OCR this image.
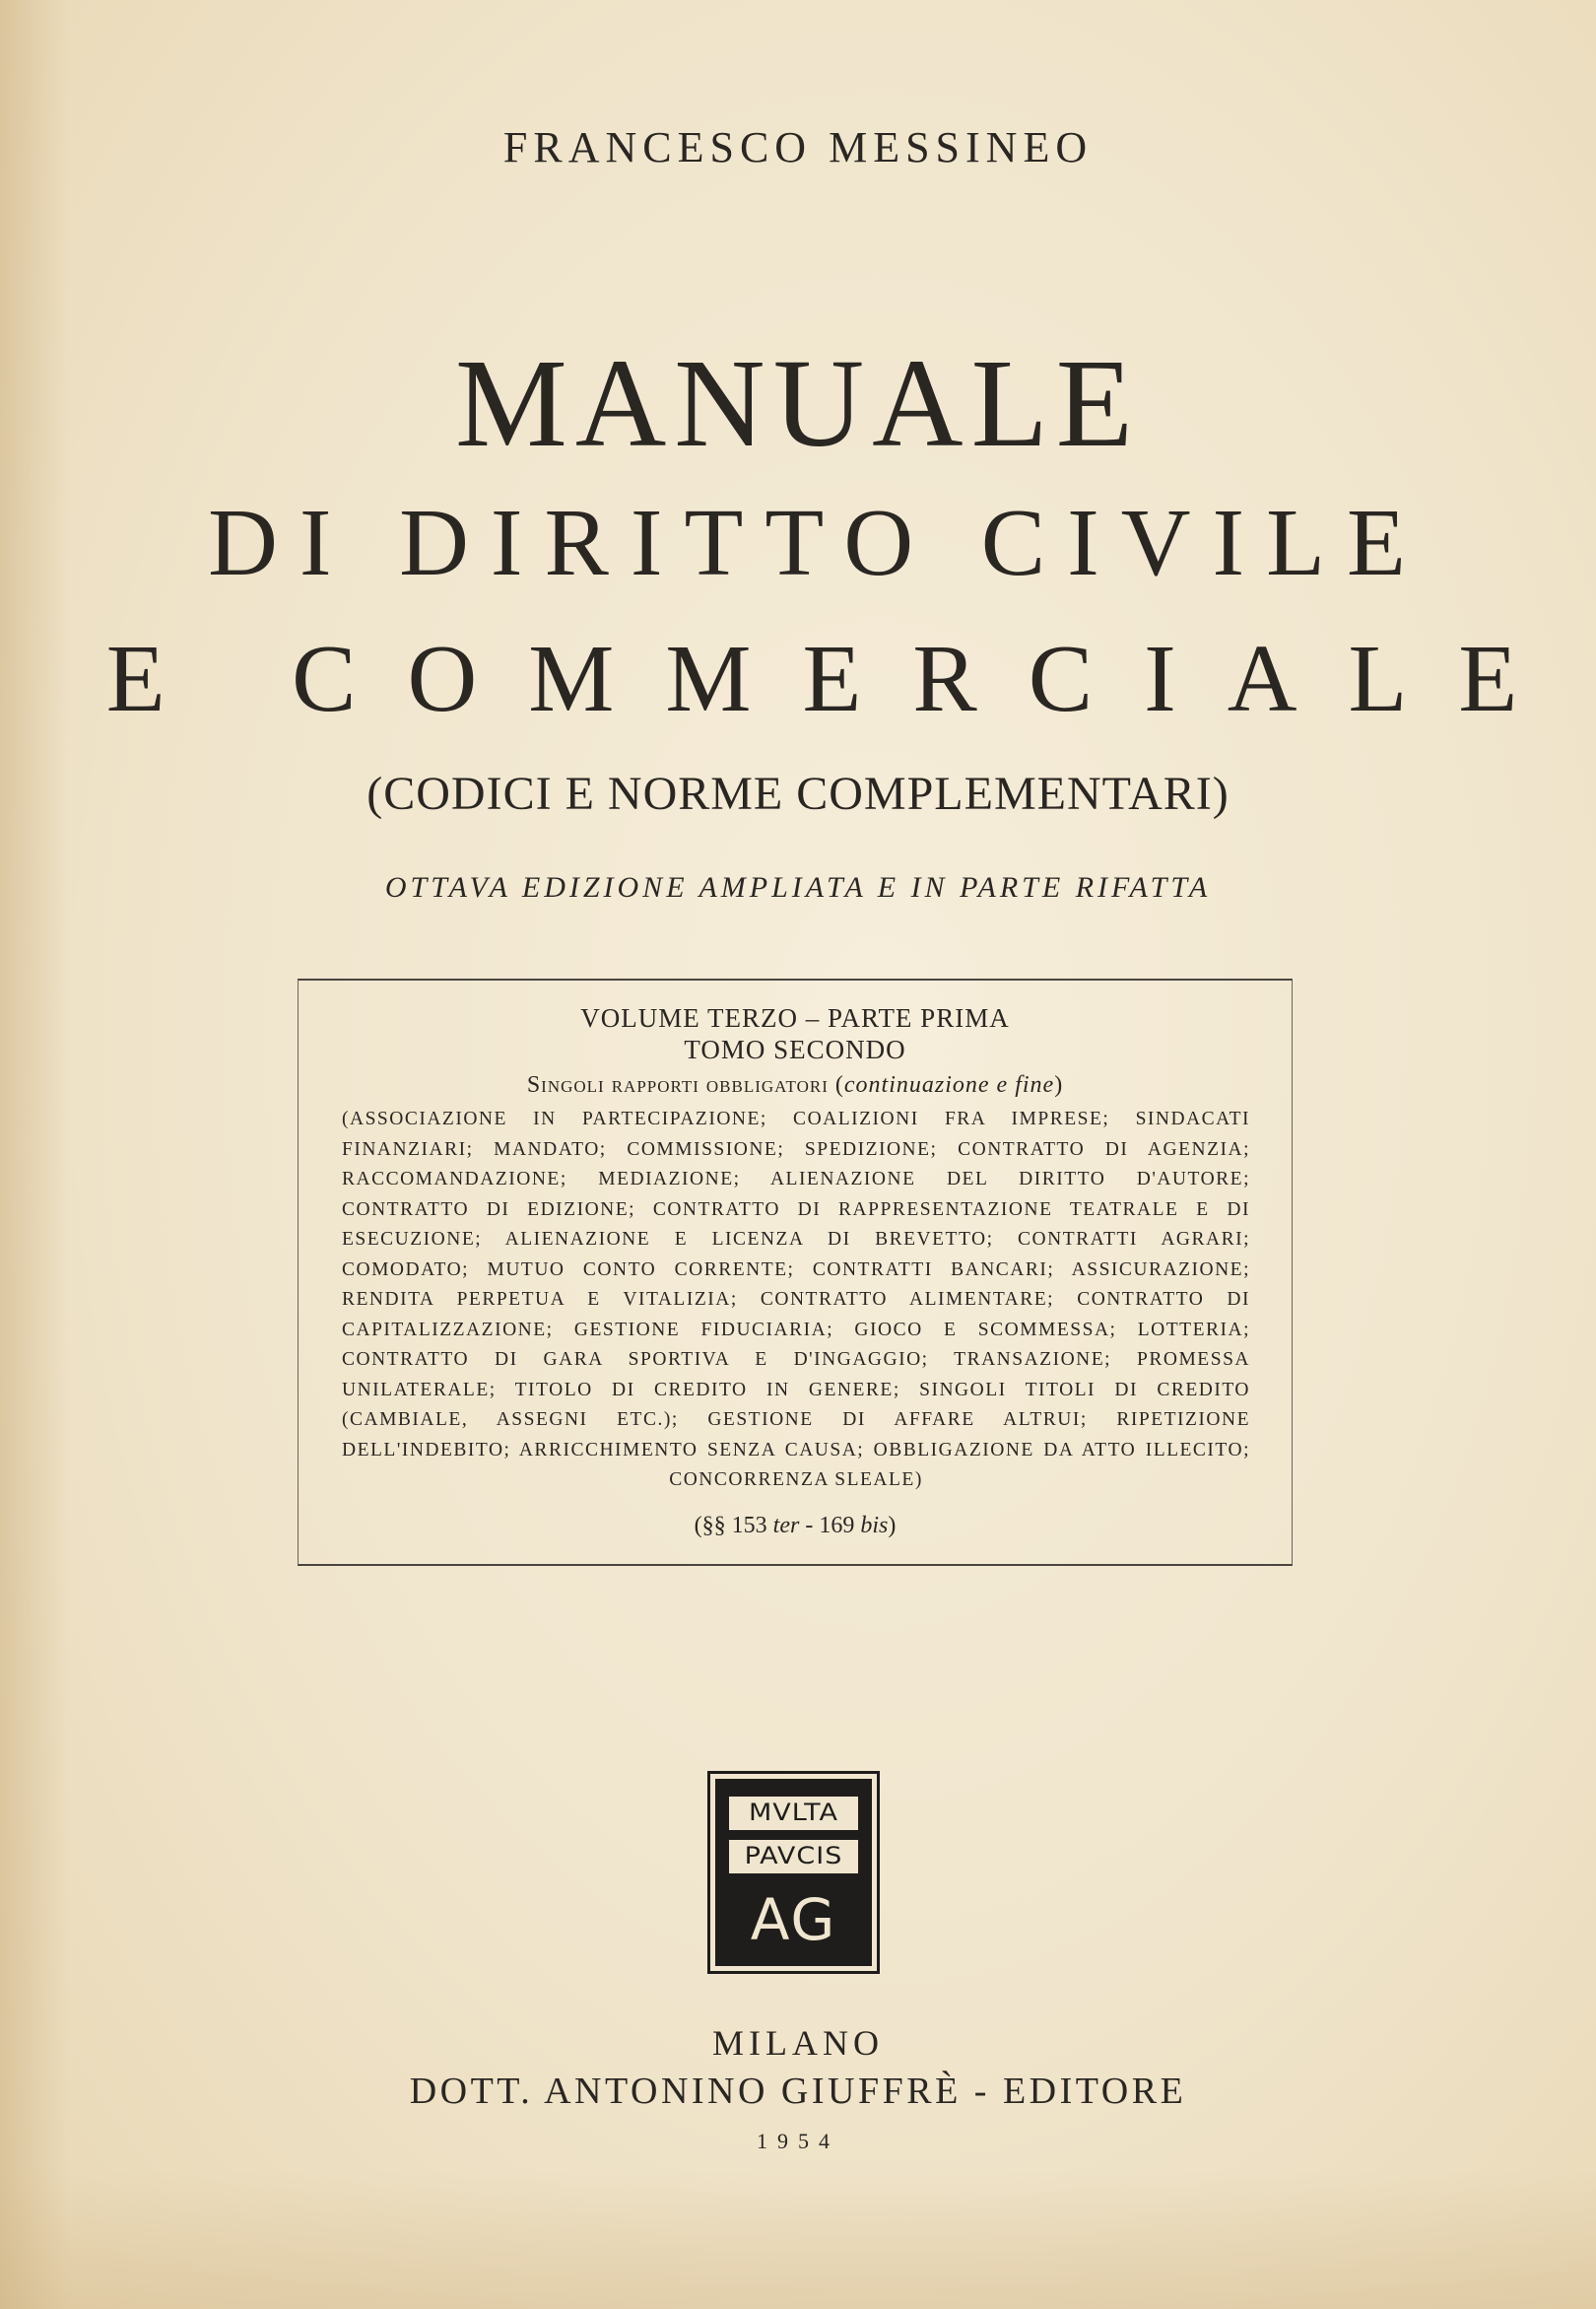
FRANCESCO MESSINEO
MANUALE
DI DIRITTO CIVILE
E COMMERCIALE
(CODICI E NORME COMPLEMENTARI)
OTTAVA EDIZIONE AMPLIATA E IN PARTE RIFATTA
VOLUME TERZO – PARTE PRIMA
TOMO SECONDO
Singoli rapporti obbligatori (continuazione e fine)
(ASSOCIAZIONE IN PARTECIPAZIONE; COALIZIONI FRA IMPRESE; SINDACATI FINANZIARI; MANDATO; COMMISSIONE; SPEDIZIONE; CONTRATTO DI AGENZIA; RACCOMANDAZIONE; MEDIAZIONE; ALIENAZIONE DEL DIRITTO D'AUTORE; CONTRATTO DI EDIZIONE; CONTRATTO DI RAPPRESENTAZIONE TEATRALE E DI ESECUZIONE; ALIENAZIONE E LICENZA DI BREVETTO; CONTRATTI AGRARI; COMODATO; MUTUO CONTO CORRENTE; CONTRATTI BANCARI; ASSICURAZIONE; RENDITA PERPETUA E VITALIZIA; CONTRATTO ALIMENTARE; CONTRATTO DI CAPITALIZZAZIONE; GESTIONE FIDUCIARIA; GIOCO E SCOMMESSA; LOTTERIA; CONTRATTO DI GARA SPORTIVA E D'INGAGGIO; TRANSAZIONE; PROMESSA UNILATERALE; TITOLO DI CREDITO IN GENERE; SINGOLI TITOLI DI CREDITO (CAMBIALE, ASSEGNI ETC.); GESTIONE DI AFFARE ALTRUI; RIPETIZIONE DELL'INDEBITO; ARRICCHIMENTO SENZA CAUSA; OBBLIGAZIONE DA ATTO ILLECITO; CONCORRENZA SLEALE)
(§§ 153 ter - 169 bis)
MVLTA
PAVCIS
AG
MILANO
DOTT. ANTONINO GIUFFRÈ - EDITORE
1954
